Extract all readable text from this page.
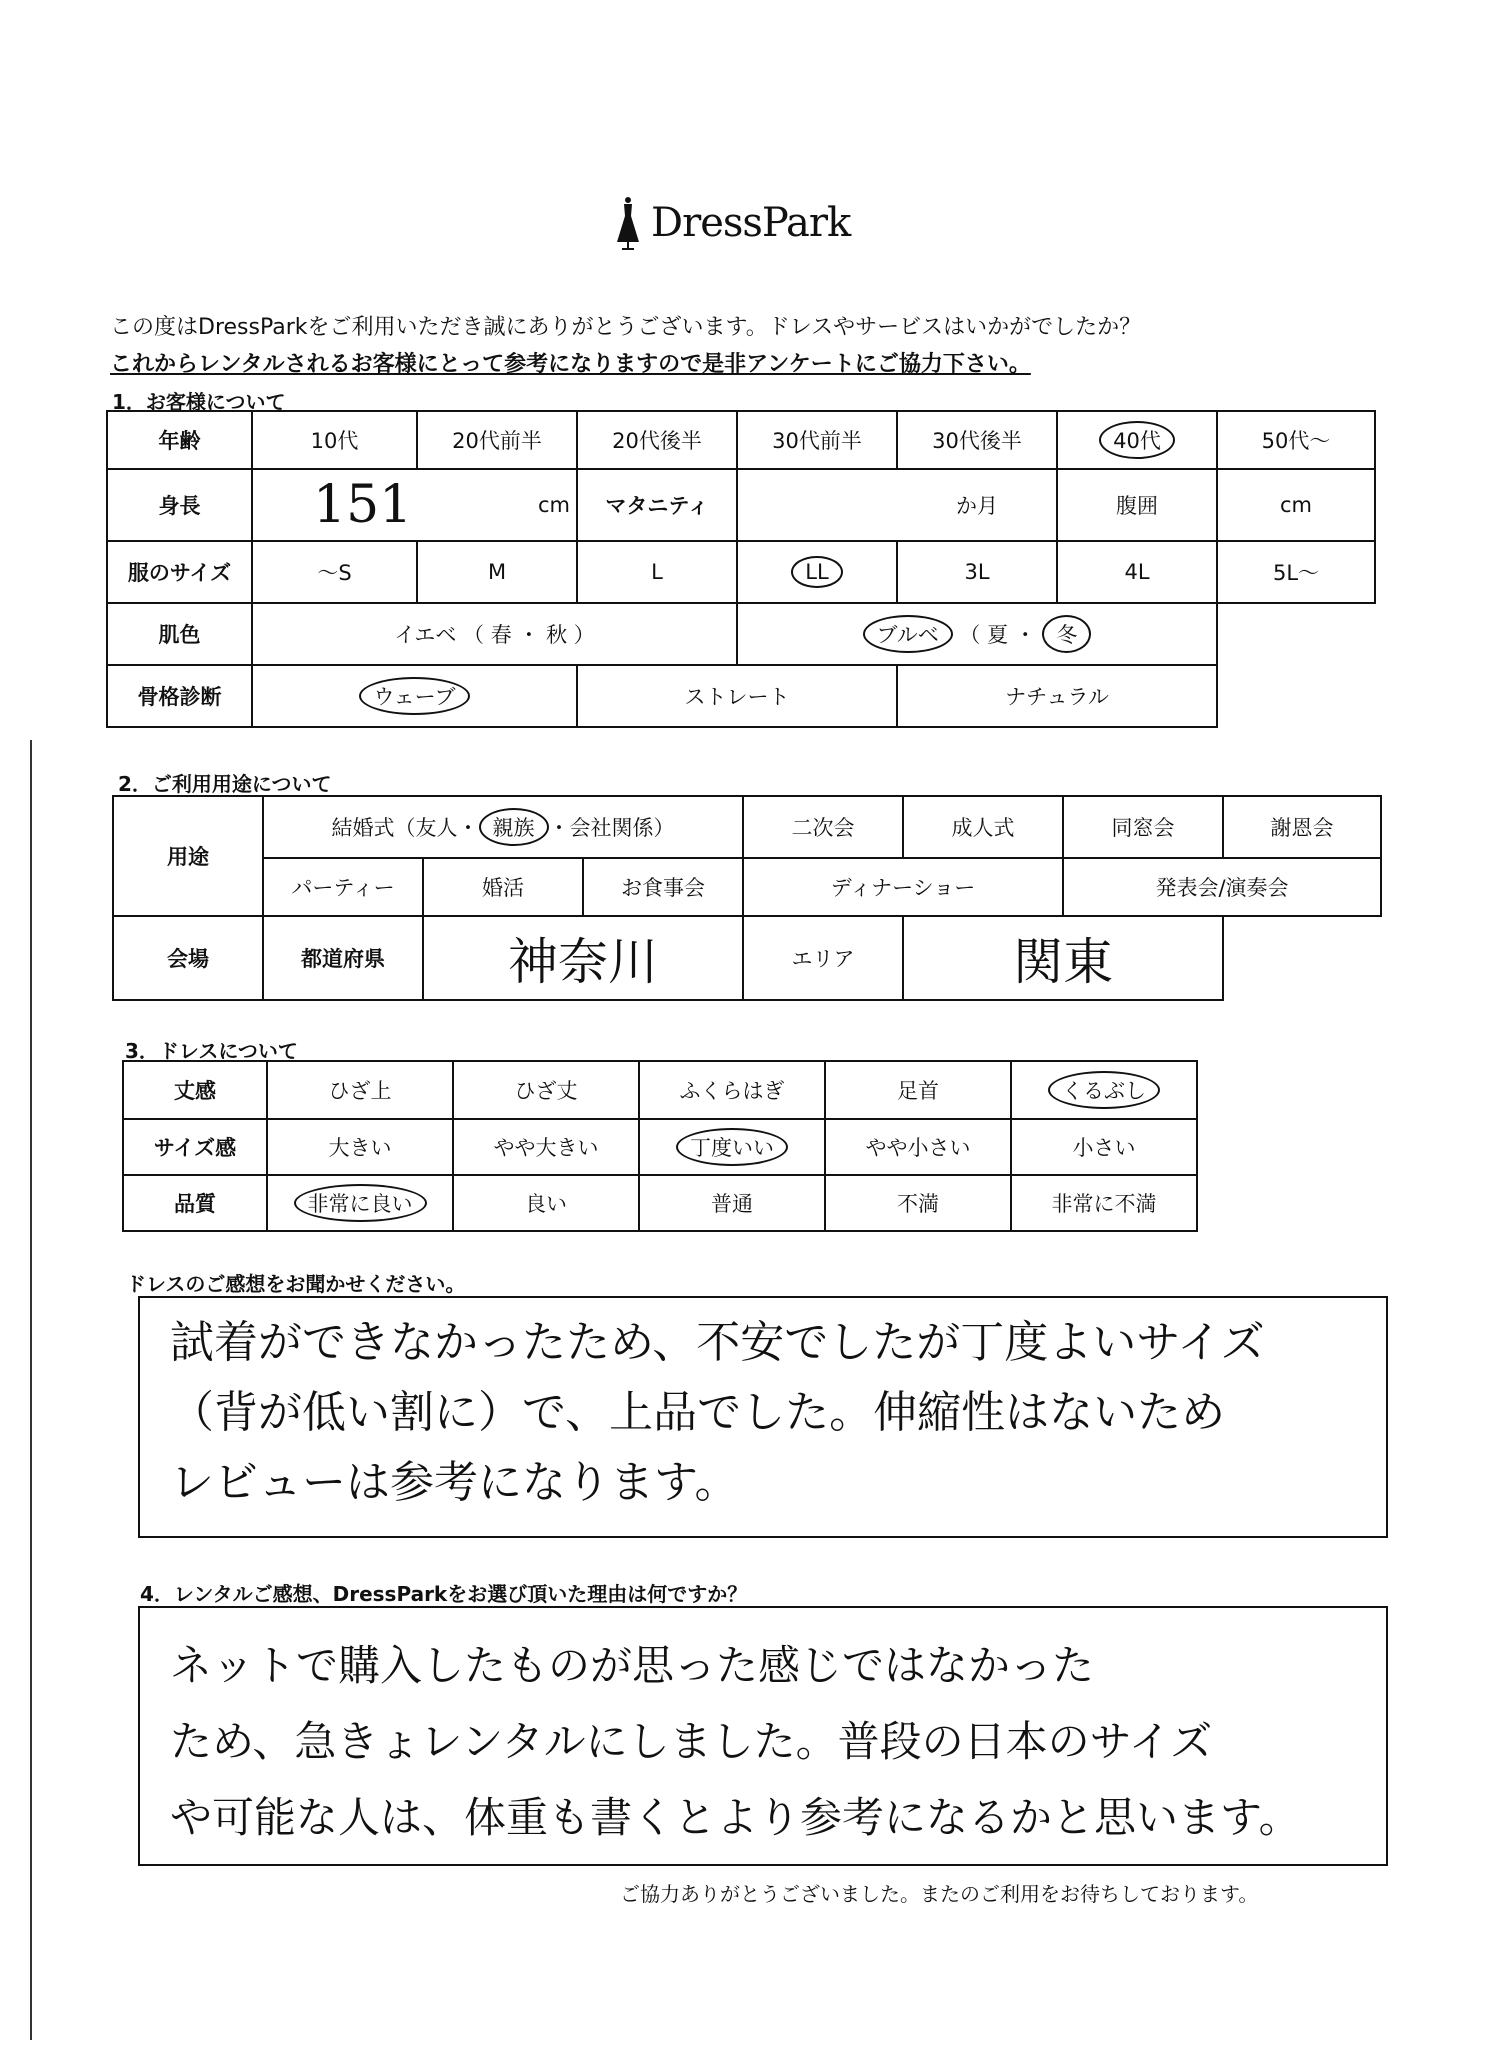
DressPark
この度はDressParkをご利用いただき誠にありがとうございます。ドレスやサービスはいかがでしたか？
これからレンタルされるお客様にとって参考になりますので是非アンケートにご協力下さい。
1．お客様について
年齢	10代	20代前半	20代後半	30代前半	30代後半	40代	50代～
身長	151 cm		マタニティ	か月		腹囲	cm
服のサイズ	～S	M	L	LL	3L	4L	5L～
肌色	イエベ （ 春 ・ 秋 ）			ブルベ （ 夏 ・ 冬			
骨格診断	ウェーブ		ストレート		ナチュラル		
2．ご利用用途について
用途	結婚式（友人・ 親族 ・会社関係）			二次会	成人式	同窓会	謝恩会
	パーティー	婚活	お食事会	ディナーショー		発表会/演奏会	
会場	都道府県	神奈川		エリア	関東		
3．ドレスについて
丈感	ひざ上	ひざ丈	ふくらはぎ	足首	くるぶし
サイズ感	大きい	やや大きい	丁度いい	やや小さい	小さい
品質	非常に良い	良い	普通	不満	非常に不満
ドレスのご感想をお聞かせください。
試着ができなかったため、不安でしたが丁度よいサイズ
（背が低い割に）で、上品でした。伸縮性はないため
レビューは参考になります。
4．レンタルご感想、DressParkをお選び頂いた理由は何ですか？
ネットで購入したものが思った感じではなかった
ため、急きょレンタルにしました。普段の日本のサイズ
や可能な人は、体重も書くとより参考になるかと思います。
ご協力ありがとうございました。またのご利用をお待ちしております。
